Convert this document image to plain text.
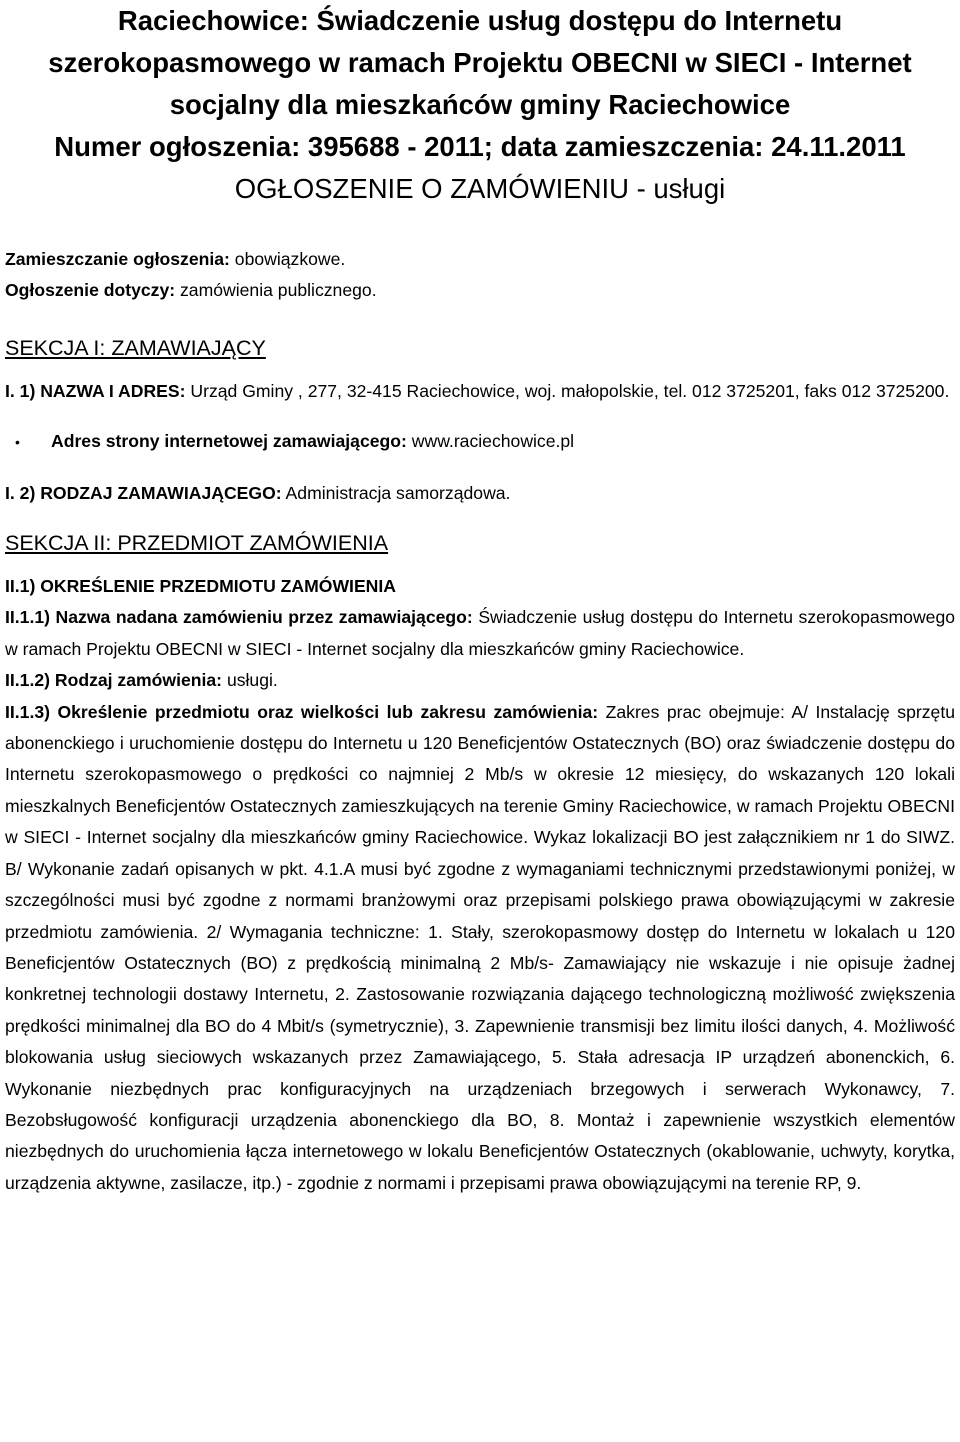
Raciechowice: Świadczenie usług dostępu do Internetu

szerokopasmowego w ramach Projektu OBECNI w SIECI - Internet

socjalny dla mieszkańców gminy Raciechowice

Numer ogłoszenia: 395688 - 2011; data zamieszczenia: 24.11.2011

OGŁOSZENIE O ZAMÓWIENIU - usługi

Zamieszczanie ogłoszenia: obowiązkowe.

Ogłoszenie dotyczy: zamówienia publicznego.

SEKCJA I: ZAMAWIAJĄCY

I. 1) NAZWA I ADRES: Urząd Gminy , 277, 32-415 Raciechowice, woj. małopolskie, tel. 012 3725201, faks 012 3725200.

•	Adres strony internetowej zamawiającego: www.raciechowice.pl

I. 2) RODZAJ ZAMAWIAJĄCEGO: Administracja samorządowa.

SEKCJA II: PRZEDMIOT ZAMÓWIENIA

II.1) OKREŚLENIE PRZEDMIOTU ZAMÓWIENIA

II.1.1) Nazwa nadana zamówieniu przez zamawiającego: Świadczenie usług dostępu do Internetu szerokopasmowego w ramach Projektu OBECNI w SIECI - Internet socjalny dla mieszkańców gminy Raciechowice.

II.1.2) Rodzaj zamówienia: usługi.

II.1.3) Określenie przedmiotu oraz wielkości lub zakresu zamówienia: Zakres prac obejmuje: A/ Instalację sprzętu abonenckiego i uruchomienie dostępu do Internetu u 120 Beneficjentów Ostatecznych (BO) oraz świadczenie dostępu do Internetu szerokopasmowego o prędkości co najmniej 2 Mb/s w okresie 12 miesięcy, do wskazanych 120 lokali mieszkalnych Beneficjentów Ostatecznych zamieszkujących na terenie Gminy Raciechowice, w ramach Projektu OBECNI w SIECI - Internet socjalny dla mieszkańców gminy Raciechowice. Wykaz lokalizacji BO jest załącznikiem nr 1 do SIWZ. B/ Wykonanie zadań opisanych w pkt. 4.1.A musi być zgodne z wymaganiami technicznymi przedstawionymi poniżej, w szczególności musi być zgodne z normami branżowymi oraz przepisami polskiego prawa obowiązującymi w zakresie przedmiotu zamówienia. 2/ Wymagania techniczne: 1. Stały, szerokopasmowy dostęp do Internetu w lokalach u 120 Beneficjentów Ostatecznych (BO) z prędkością minimalną 2 Mb/s- Zamawiający nie wskazuje i nie opisuje żadnej konkretnej technologii dostawy Internetu, 2. Zastosowanie rozwiązania dającego technologiczną możliwość zwiększenia prędkości minimalnej dla BO do 4 Mbit/s (symetrycznie), 3. Zapewnienie transmisji bez limitu ilości danych, 4. Możliwość blokowania usług sieciowych wskazanych przez Zamawiającego, 5. Stała adresacja IP urządzeń abonenckich, 6. Wykonanie niezbędnych prac konfiguracyjnych na urządzeniach brzegowych i serwerach Wykonawcy, 7. Bezobsługowość konfiguracji urządzenia abonenckiego dla BO, 8. Montaż i zapewnienie wszystkich elementów niezbędnych do uruchomienia łącza internetowego w lokalu Beneficjentów Ostatecznych (okablowanie, uchwyty, korytka, urządzenia aktywne, zasilacze, itp.) - zgodnie z normami i przepisami prawa obowiązującymi na terenie RP, 9.
